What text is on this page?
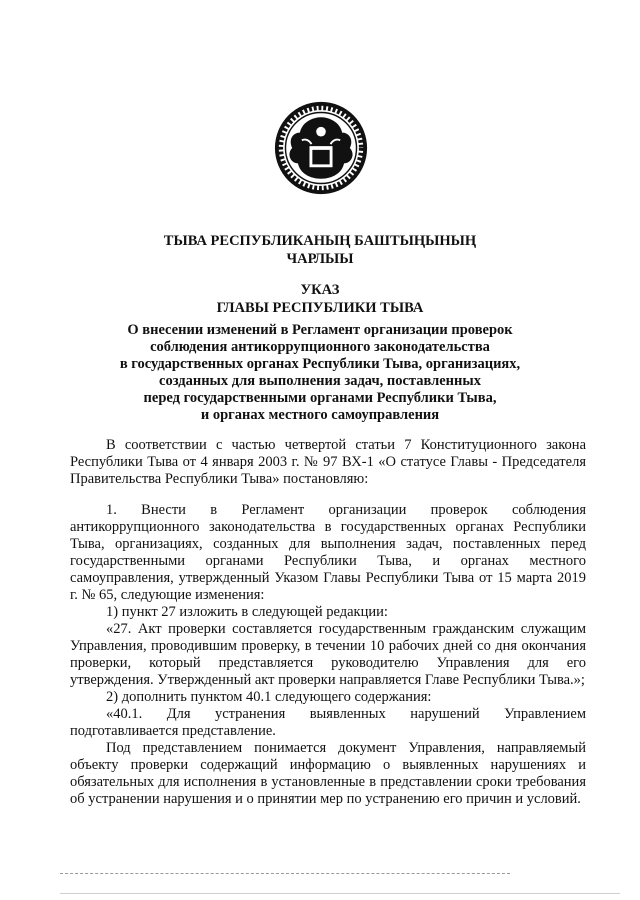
ТЫВА РЕСПУБЛИКАНЫҢ БАШТЫҢЫНЫҢ
ЧАРЛЫЫ
УКАЗ
ГЛАВЫ РЕСПУБЛИКИ ТЫВА
О внесении изменений в Регламент организации проверок
соблюдения антикоррупционного законодательства
в государственных органах Республики Тыва, организациях,
созданных для выполнения задач, поставленных
перед государственными органами Республики Тыва,
и органах местного самоуправления

В соответствии с частью четвертой статьи 7 Конституционного закона Республики Тыва от 4 января 2003 г. № 97 ВХ-1 «О статусе Главы - Председателя Правительства Республики Тыва» постановляю:

1. Внести в Регламент организации проверок соблюдения антикоррупционного законодательства в государственных органах Республики Тыва, организациях, созданных для выполнения задач, поставленных перед государственными органами Республики Тыва, и органах местного самоуправления, утвержденный Указом Главы Республики Тыва от 15 марта 2019 г. № 65, следующие изменения:

1) пункт 27 изложить в следующей редакции:

«27. Акт проверки составляется государственным гражданским служащим Управления, проводившим проверку, в течении 10 рабочих дней со дня окончания проверки, который представляется руководителю Управления для его утверждения. Утвержденный акт проверки направляется Главе Республики Тыва.»;

2) дополнить пунктом 40.1 следующего содержания:

«40.1. Для устранения выявленных нарушений Управлением подготавливается представление.

Под представлением понимается документ Управления, направляемый объекту проверки содержащий информацию о выявленных нарушениях и обязательных для исполнения в установленные в представлении сроки требования об устранении нарушения и о принятии мер по устранению его причин и условий.
